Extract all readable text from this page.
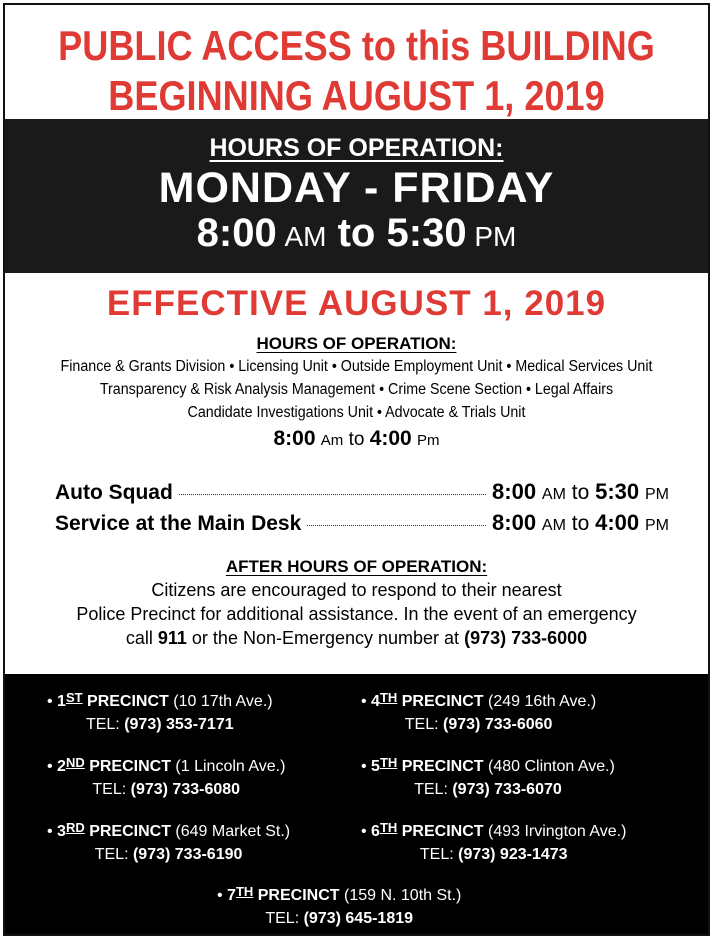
PUBLIC ACCESS to this BUILDING
BEGINNING AUGUST 1, 2019
HOURS OF OPERATION:
MONDAY - FRIDAY
8:00 AM to 5:30 PM
EFFECTIVE AUGUST 1, 2019
HOURS OF OPERATION:
Finance & Grants Division • Licensing Unit • Outside Employment Unit • Medical Services Unit
Transparency & Risk Analysis Management • Crime Scene Section • Legal Affairs
Candidate Investigations Unit • Advocate & Trials Unit
8:00 Am to 4:00 Pm
Auto Squad	8:00 AM to 5:30 PM
Service at the Main Desk	8:00 AM to 4:00 PM
AFTER HOURS OF OPERATION:
Citizens are encouraged to respond to their nearest
Police Precinct for additional assistance. In the event of an emergency
call 911 or the Non-Emergency number at (973) 733-6000
• 1ST PRECINCT (10 17th Ave.)
TEL: (973) 353-7171
• 2ND PRECINCT (1 Lincoln Ave.)
TEL: (973) 733-6080
• 3RD PRECINCT (649 Market St.)
TEL: (973) 733-6190
• 4TH PRECINCT (249 16th Ave.)
TEL: (973) 733-6060
• 5TH PRECINCT (480 Clinton Ave.)
TEL: (973) 733-6070
• 6TH PRECINCT (493 Irvington Ave.)
TEL: (973) 923-1473
• 7TH PRECINCT (159 N. 10th St.)
TEL: (973) 645-1819
